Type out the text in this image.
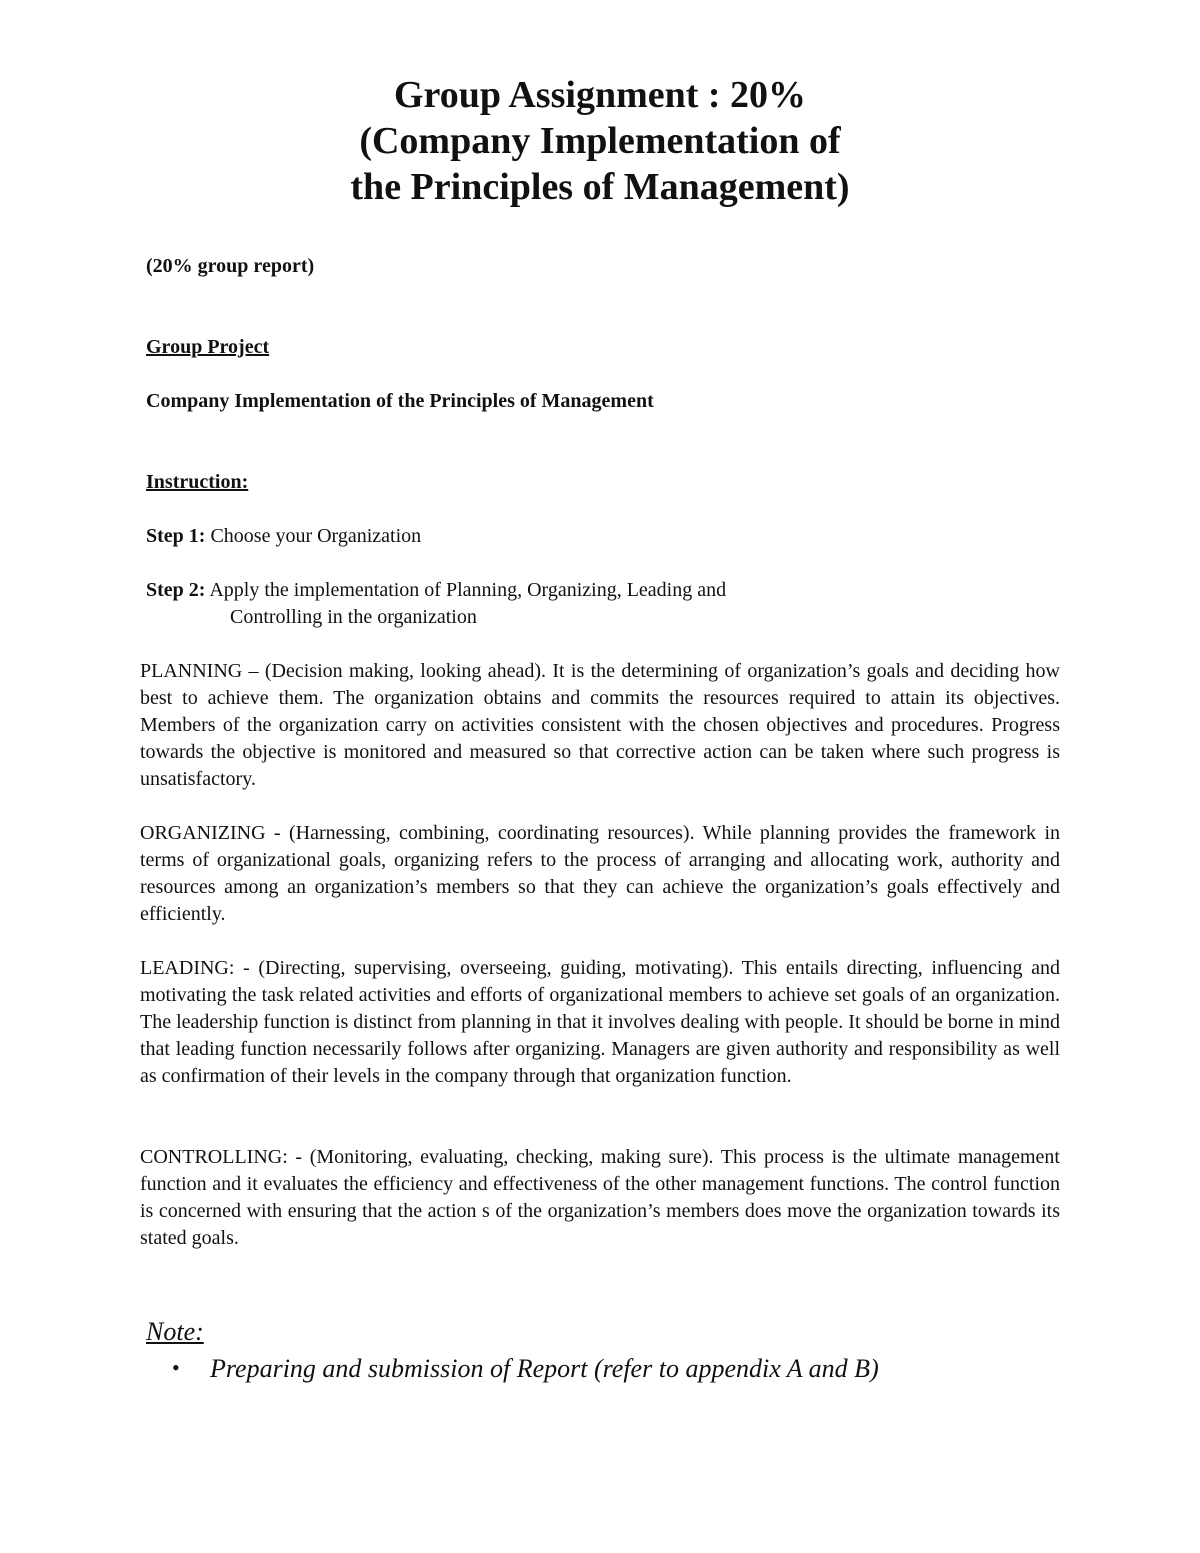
Group Assignment : 20%
(Company Implementation of
the Principles of Management)
(20% group report)
Group Project
Company Implementation of the Principles of Management
Instruction:
Step 1: Choose your Organization
Step 2: Apply the implementation of Planning, Organizing, Leading and
Controlling in the organization

PLANNING – (Decision making, looking ahead). It is the determining of organization’s goals and deciding how best to achieve them. The organization obtains and commits the resources required to attain its objectives. Members of the organization carry on activities consistent with the chosen objectives and procedures. Progress towards the objective is monitored and measured so that corrective action can be taken where such progress is unsatisfactory.

ORGANIZING - (Harnessing, combining, coordinating resources). While planning provides the framework in terms of organizational goals, organizing refers to the process of arranging and allocating work, authority and resources among an organization’s members so that they can achieve the organization’s goals effectively and efficiently.

LEADING: - (Directing, supervising, overseeing, guiding, motivating). This entails directing, influencing and motivating the task related activities and efforts of organizational members to achieve set goals of an organization. The leadership function is distinct from planning in that it involves dealing with people. It should be borne in mind that leading function necessarily follows after organizing. Managers are given authority and responsibility as well as confirmation of their levels in the company through that organization function.

CONTROLLING: - (Monitoring, evaluating, checking, making sure). This process is the ultimate management function and it evaluates the efficiency and effectiveness of the other management functions. The control function is concerned with ensuring that the action s of the organization’s members does move the organization towards its stated goals.

Note:
• Preparing and submission of Report (refer to appendix A and B)
